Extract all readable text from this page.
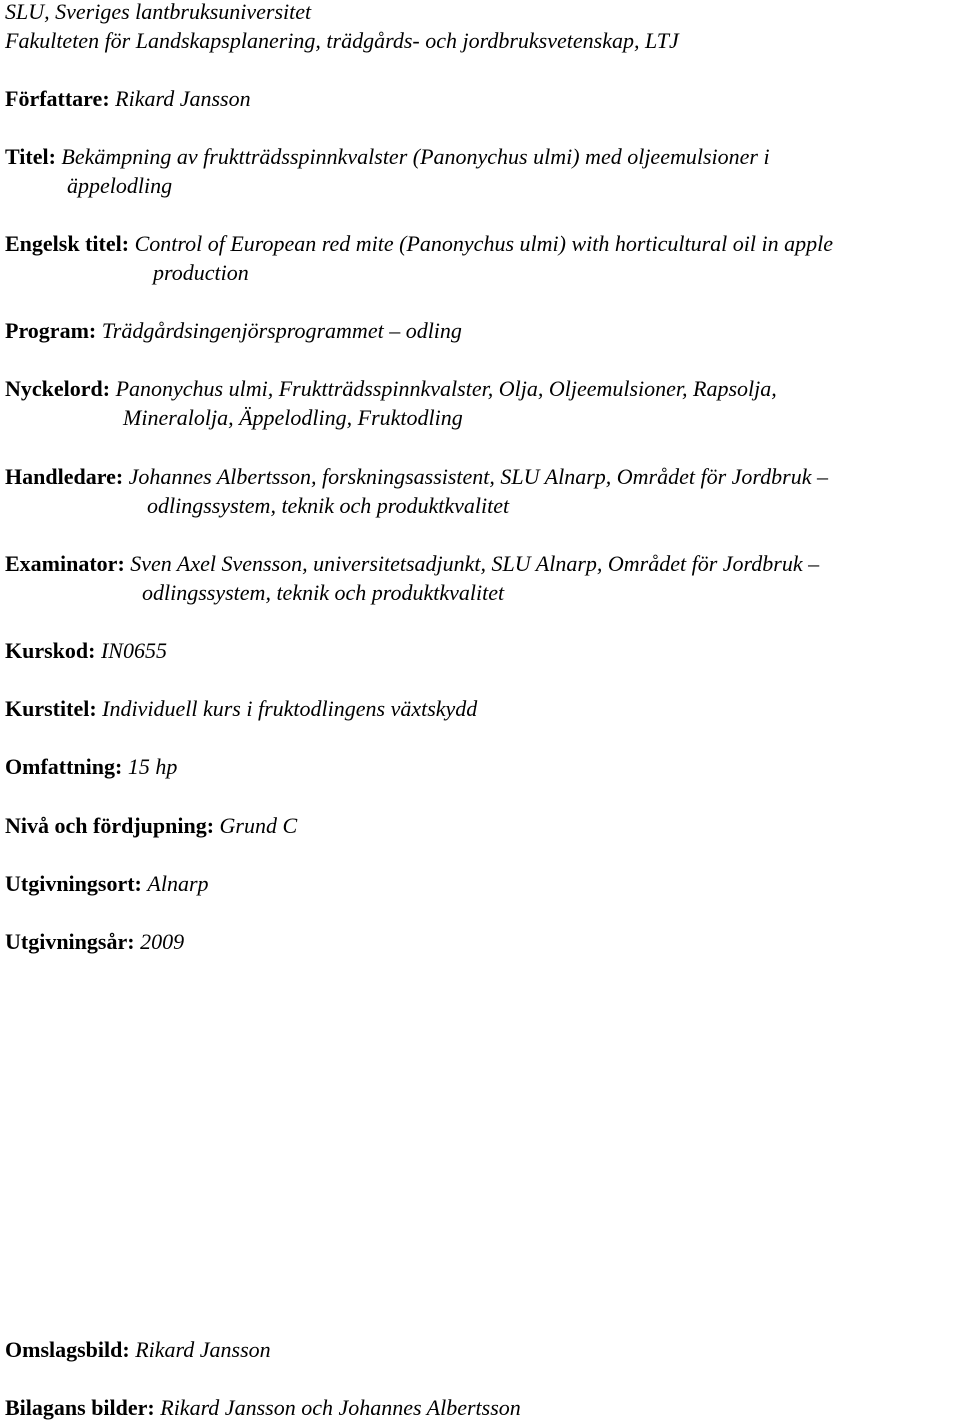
SLU, Sveriges lantbruksuniversitet
Fakulteten för Landskapsplanering, trädgårds- och jordbruksvetenskap, LTJ
Författare: Rikard Jansson
Titel: Bekämpning av fruktträdsspinnkvalster (Panonychus ulmi) med oljeemulsioner i
äppelodling
Engelsk titel: Control of European red mite (Panonychus ulmi) with horticultural oil in apple
production
Program: Trädgårdsingenjörsprogrammet – odling
Nyckelord: Panonychus ulmi, Fruktträdsspinnkvalster, Olja, Oljeemulsioner, Rapsolja,
Mineralolja, Äppelodling, Fruktodling
Handledare: Johannes Albertsson, forskningsassistent, SLU Alnarp, Området för Jordbruk –
odlingssystem, teknik och produktkvalitet
Examinator: Sven Axel Svensson, universitetsadjunkt, SLU Alnarp, Området för Jordbruk –
odlingssystem, teknik och produktkvalitet
Kurskod: IN0655
Kurstitel: Individuell kurs i fruktodlingens växtskydd
Omfattning: 15 hp
Nivå och fördjupning: Grund C
Utgivningsort: Alnarp
Utgivningsår: 2009
Omslagsbild: Rikard Jansson
Bilagans bilder: Rikard Jansson och Johannes Albertsson
